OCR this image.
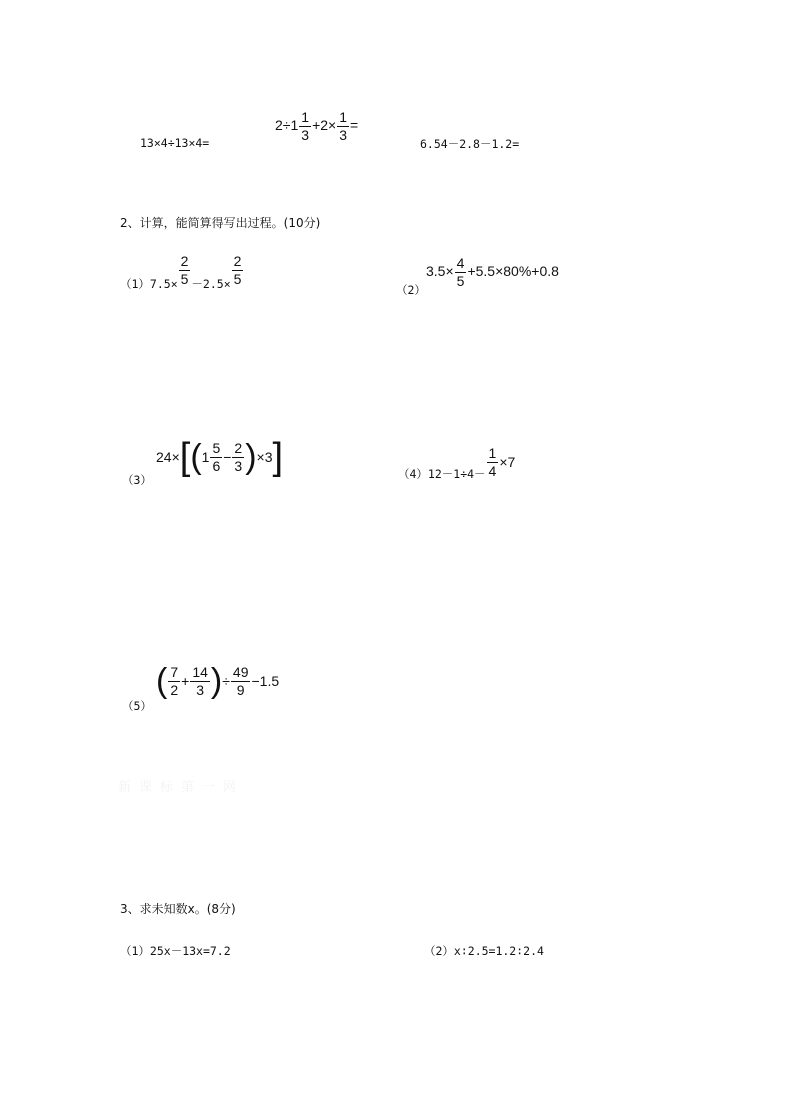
13×4÷13×4=
$2\div 1 \frac{1}{3} +2\times \frac{1}{3}$ =
6.54－2.8－1.2=
2、计算，能简算得写出过程。(10分)
$(1)7.5\times \frac{2}{5} -2.5\times \frac{2}{5}$
（2）
$3.5\times \frac{4}{5} +5.5\times 80\%+0.8$
（3）
24× [ ( $1 \frac{5}{6} - \frac{2}{3}$ ) ×3 ]	$(4)12-1\div 4- \frac{1}{4} \times 7$
（5）
( $\frac{7}{2} + \frac{14}{3}$ ) ÷ $\frac{49}{9} -1.5$
新课标第一网
3、求未知数x。(8分)
（1）25x－13x=7.2	（2）x∶2.5=1.2∶2.4
